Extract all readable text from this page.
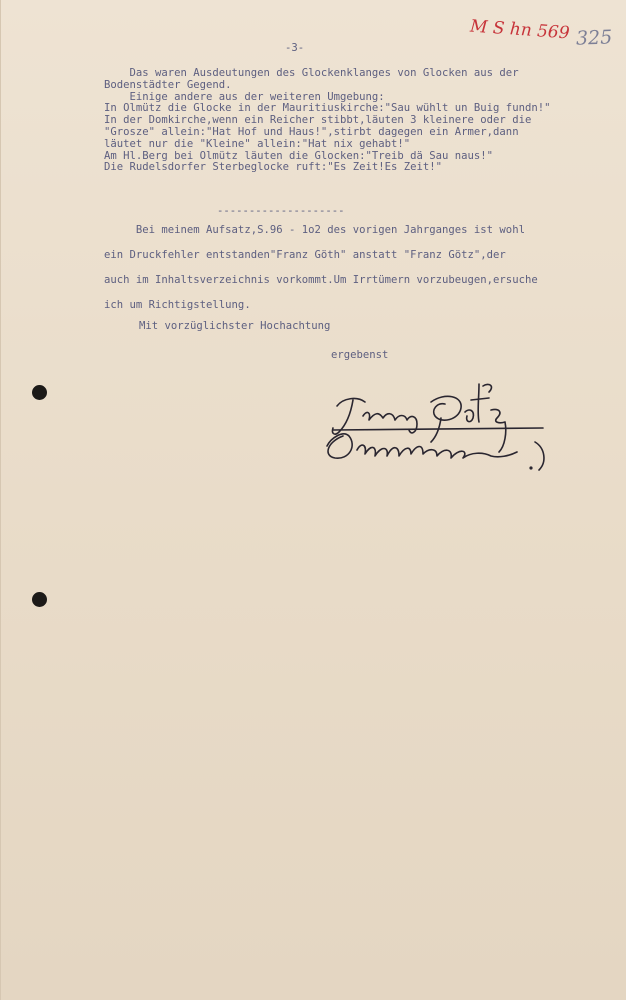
-3-
M S hn 569 325
Das waren Ausdeutungen des Glockenklanges von Glocken aus der
Bodenstädter Gegend.
Einige andere aus der weiteren Umgebung:
In Olmütz die Glocke in der Mauritiuskirche:"Sau wühlt un Buig fundn!"
In der Domkirche,wenn ein Reicher stibbt,läuten 3 kleinere oder die
"Grosze" allein:"Hat Hof und Haus!",stirbt dagegen ein Armer,dann
läutet nur die "Kleine" allein:"Hat nix gehabt!"
Am Hl.Berg bei Olmütz läuten die Glocken:"Treib dä Sau naus!"
Die Rudelsdorfer Sterbeglocke ruft:"Es Zeit!Es Zeit!"
--------------------
Bei meinem Aufsatz,S.96 - 1o2 des vorigen Jahrganges ist wohl
ein Druckfehler entstanden"Franz Göth" anstatt "Franz Götz",der
auch im Inhaltsverzeichnis vorkommt.Um Irrtümern vorzubeugen,ersuche
ich um Richtigstellung.
Mit vorzüglichster Hochachtung
ergebenst
